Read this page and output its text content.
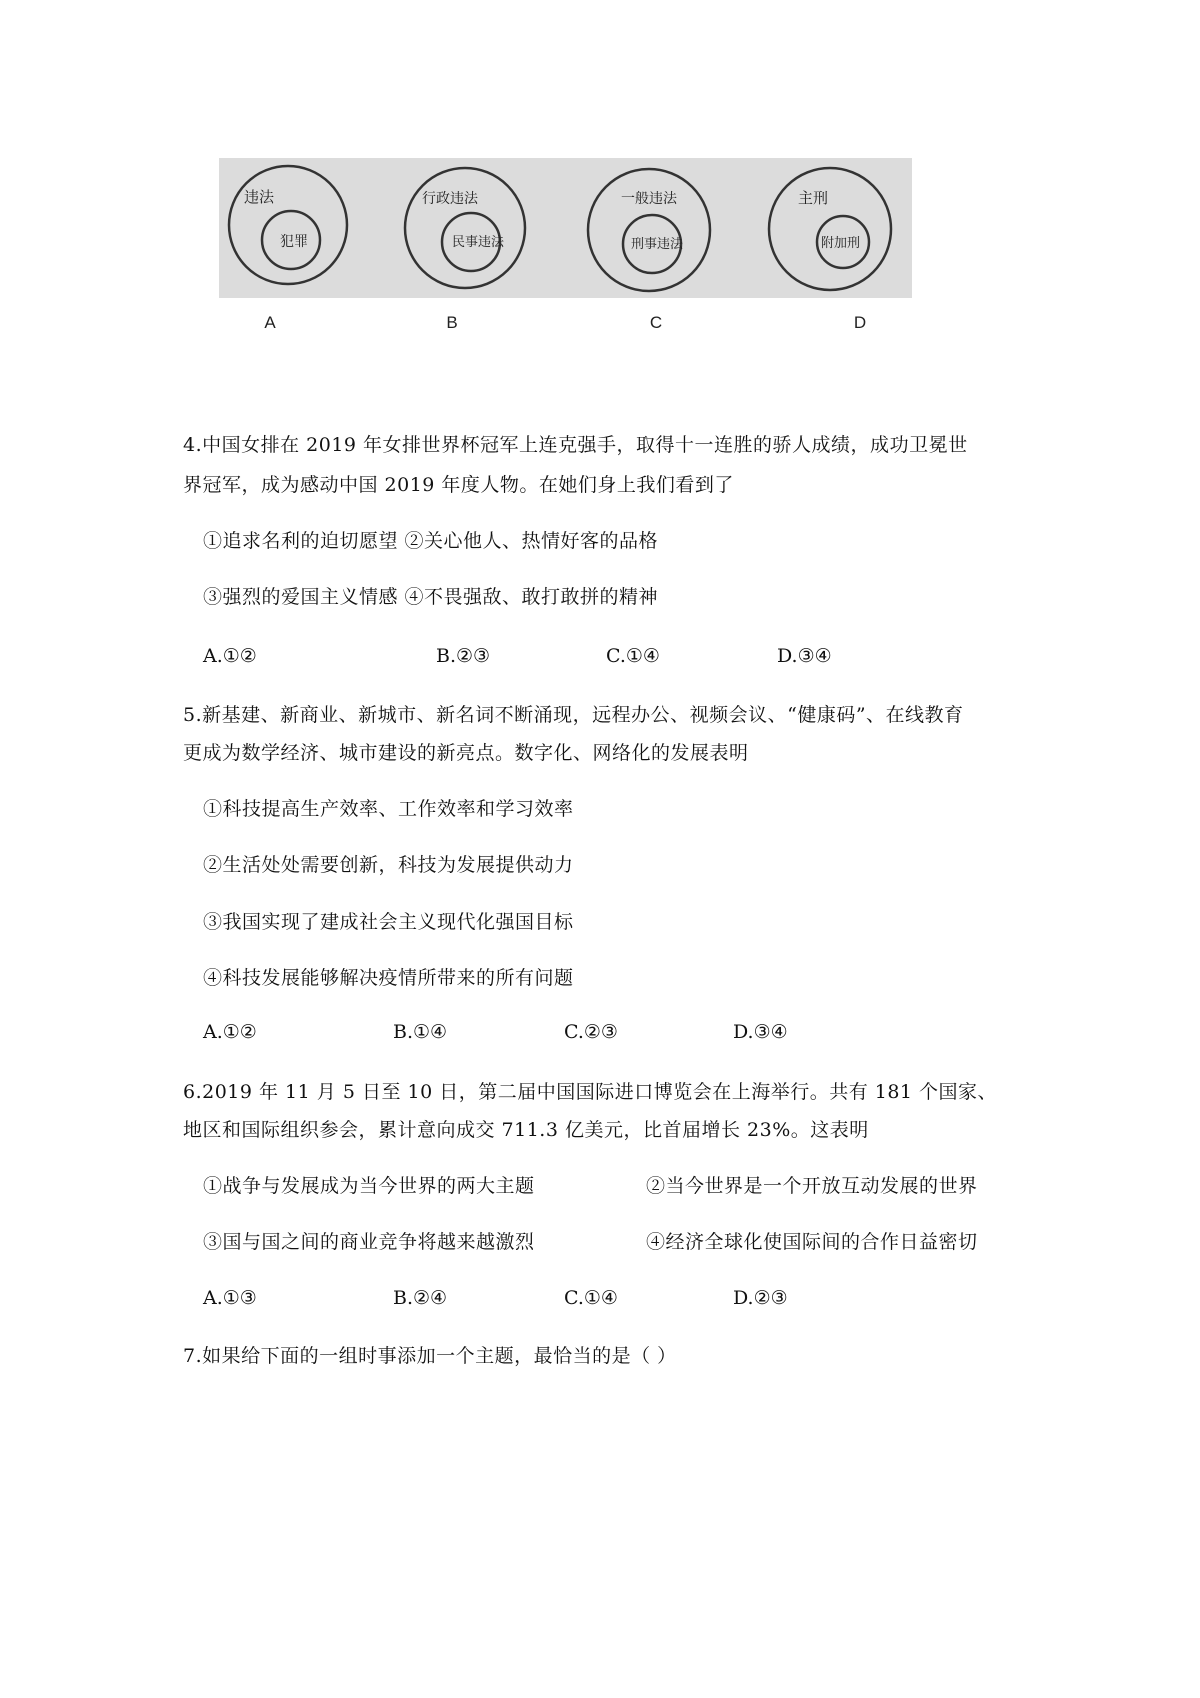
违法
犯罪
行政违法
民事违法
一般违法
刑事违法
主刑
附加刑
A	B	C	D
4.中国女排在 2019 年女排世界杯冠军上连克强手，取得十一连胜的骄人成绩，成功卫冕世
界冠军，成为感动中国 2019 年度人物。在她们身上我们看到了
①追求名利的迫切愿望 ②关心他人、热情好客的品格
③强烈的爱国主义情感 ④不畏强敌、敢打敢拼的精神
A.①②	B.②③	C.①④	D.③④
5.新基建、新商业、新城市、新名词不断涌现，远程办公、视频会议、“健康码”、在线教育
更成为数学经济、城市建设的新亮点。数字化、网络化的发展表明
①科技提高生产效率、工作效率和学习效率
②生活处处需要创新，科技为发展提供动力
③我国实现了建成社会主义现代化强国目标
④科技发展能够解决疫情所带来的所有问题
A.①②	B.①④	C.②③	D.③④
6.2019 年 11 月 5 日至 10 日，第二届中国国际进口博览会在上海举行。共有 181 个国家、
地区和国际组织参会，累计意向成交 711.3 亿美元，比首届增长 23%。这表明
①战争与发展成为当今世界的两大主题	②当今世界是一个开放互动发展的世界
③国与国之间的商业竞争将越来越激烈	④经济全球化使国际间的合作日益密切
A.①③	B.②④	C.①④	D.②③
7.如果给下面的一组时事添加一个主题，最恰当的是（ ）
